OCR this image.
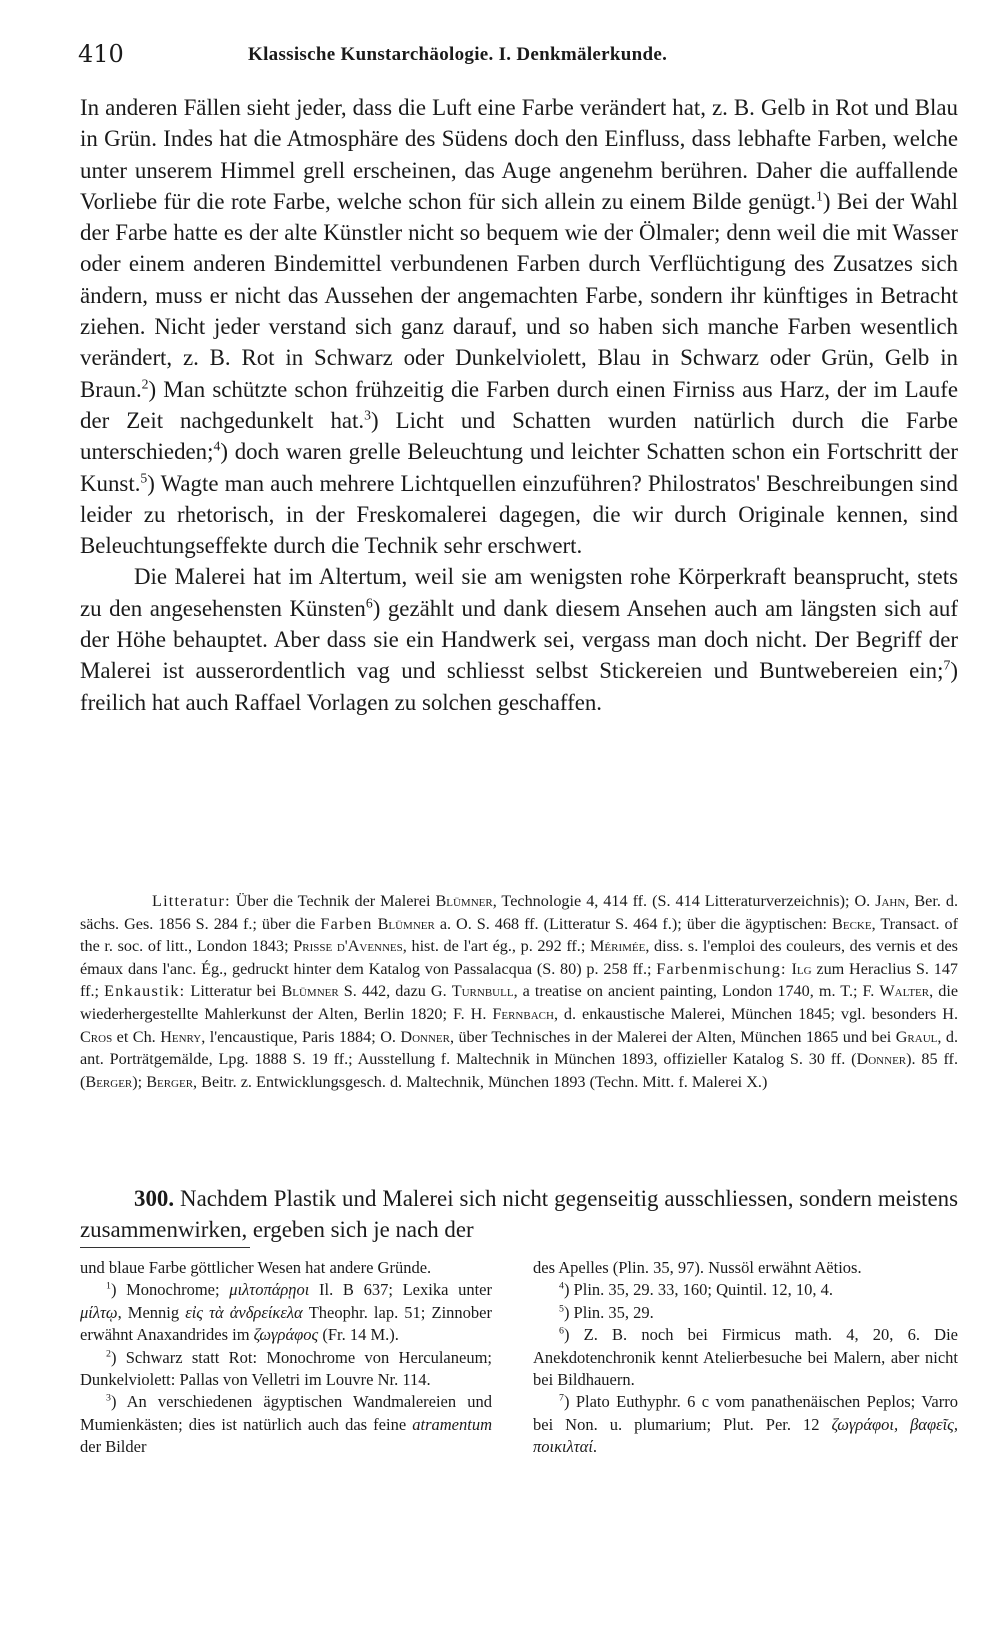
410	Klassische Kunstarchäologie. I. Denkmälerkunde.

In anderen Fällen sieht jeder, dass die Luft eine Farbe verändert hat, z. B. Gelb in Rot und Blau in Grün. Indes hat die Atmosphäre des Südens doch den Einfluss, dass lebhafte Farben, welche unter unserem Himmel grell erscheinen, das Auge angenehm berühren. Daher die auffallende Vorliebe für die rote Farbe, welche schon für sich allein zu einem Bilde genügt.$^1$) Bei der Wahl der Farbe hatte es der alte Künstler nicht so bequem wie der Ölmaler; denn weil die mit Wasser oder einem anderen Bindemittel verbundenen Farben durch Verflüchtigung des Zusatzes sich ändern, muss er nicht das Aussehen der angemachten Farbe, sondern ihr künftiges in Betracht ziehen. Nicht jeder verstand sich ganz darauf, und so haben sich manche Farben wesentlich verändert, z. B. Rot in Schwarz oder Dunkelviolett, Blau in Schwarz oder Grün, Gelb in Braun.$^2$) Man schützte schon frühzeitig die Farben durch einen Firniss aus Harz, der im Laufe der Zeit nachgedunkelt hat.$^3$) Licht und Schatten wurden natürlich durch die Farbe unterschieden;$^4$) doch waren grelle Beleuchtung und leichter Schatten schon ein Fortschritt der Kunst.$^5$) Wagte man auch mehrere Lichtquellen einzuführen? Philostratos' Beschreibungen sind leider zu rhetorisch, in der Freskomalerei dagegen, die wir durch Originale kennen, sind Beleuchtungseffekte durch die Technik sehr erschwert.

Die Malerei hat im Altertum, weil sie am wenigsten rohe Körperkraft beansprucht, stets zu den angesehensten Künsten$^6$) gezählt und dank diesem Ansehen auch am längsten sich auf der Höhe behauptet. Aber dass sie ein Handwerk sei, vergass man doch nicht. Der Begriff der Malerei ist ausserordentlich vag und schliesst selbst Stickereien und Buntwebereien ein;$^7$) freilich hat auch Raffael Vorlagen zu solchen geschaffen.

Litteratur: Über die Technik der Malerei Blümner, Technologie 4, 414 ff. (S. 414 Litteraturverzeichnis); O. Jahn, Ber. d. sächs. Ges. 1856 S. 284 f.; über die Farben Blümner a. O. S. 468 ff. (Litteratur S. 464 f.); über die ägyptischen: Becke, Transact. of the r. soc. of litt., London 1843; Prisse d'Avennes, hist. de l'art ég., p. 292 ff.; Mérimée, diss. s. l'emploi des couleurs, des vernis et des émaux dans l'anc. Ég., gedruckt hinter dem Katalog von Passalacqua (S. 80) p. 258 ff.; Farbenmischung: Ilg zum Heraclius S. 147 ff.; Enkaustik: Litteratur bei Blümner S. 442, dazu G. Turnbull, a treatise on ancient painting, London 1740, m. T.; F. Walter, die wiederhergestellte Mahlerkunst der Alten, Berlin 1820; F. H. Fernbach, d. enkaustische Malerei, München 1845; vgl. besonders H. Cros et Ch. Henry, l'encaustique, Paris 1884; O. Donner, über Technisches in der Malerei der Alten, München 1865 und bei Graul, d. ant. Porträtgemälde, Lpg. 1888 S. 19 ff.; Ausstellung f. Maltechnik in München 1893, offizieller Katalog S. 30 ff. (Donner). 85 ff. (Berger); Berger, Beitr. z. Entwicklungsgesch. d. Maltechnik, München 1893 (Techn. Mitt. f. Malerei X.)

300. Nachdem Plastik und Malerei sich nicht gegenseitig ausschliessen, sondern meistens zusammenwirken, ergeben sich je nach der

und blaue Farbe göttlicher Wesen hat andere Gründe.

$^1$) Monochrome; μιλτοπάρῃοι Il. B 637; Lexika unter μίλτῳ, Mennig εἰς τὰ ἀνδρείκελα Theophr. lap. 51; Zinnober erwähnt Anaxandrides im ζωγράφος (Fr. 14 M.).

$^2$) Schwarz statt Rot: Monochrome von Herculaneum; Dunkelviolett: Pallas von Velletri im Louvre Nr. 114.

$^3$) An verschiedenen ägyptischen Wandmalereien und Mumienkästen; dies ist natürlich auch das feine atramentum der Bilder

des Apelles (Plin. 35, 97). Nussöl erwähnt Aëtios.

$^4$) Plin. 35, 29. 33, 160; Quintil. 12, 10, 4.

$^5$) Plin. 35, 29.

$^6$) Z. B. noch bei Firmicus math. 4, 20, 6. Die Anekdotenchronik kennt Atelierbesuche bei Malern, aber nicht bei Bildhauern.

$^7$) Plato Euthyphr. 6 c vom panathenäischen Peplos; Varro bei Non. u. plumarium; Plut. Per. 12 ζωγράφοι, βαφεῖς, ποικιλταί.
